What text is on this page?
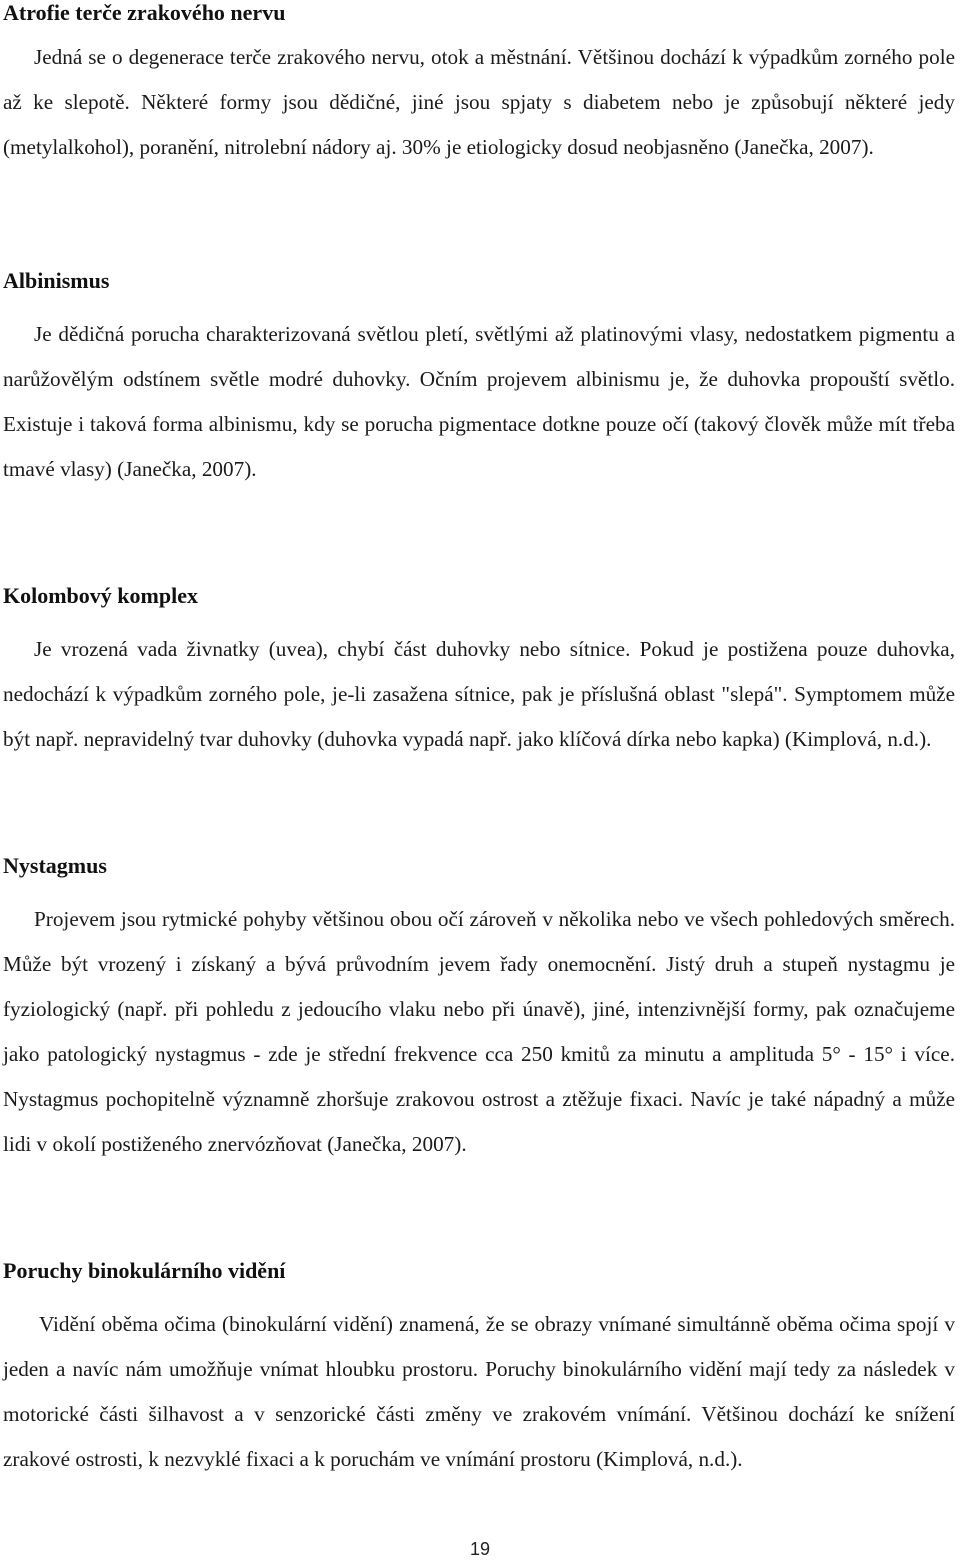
Atrofie terče zrakového nervu

Jedná se o degenerace terče zrakového nervu, otok a městnání. Většinou dochází k výpadkům zorného pole až ke slepotě. Některé formy jsou dědičné, jiné jsou spjaty s diabetem nebo je způsobují některé jedy (metylalkohol), poranění, nitrolební nádory aj. 30% je etiologicky dosud neobjasněno (Janečka, 2007).

Albinismus

Je dědičná porucha charakterizovaná světlou pletí, světlými až platinovými vlasy, nedostatkem pigmentu a narůžovělým odstínem světle modré duhovky. Očním projevem albinismu je, že duhovka propouští světlo. Existuje i taková forma albinismu, kdy se porucha pigmentace dotkne pouze očí (takový člověk může mít třeba tmavé vlasy) (Janečka, 2007).

Kolombový komplex

Je vrozená vada živnatky (uvea), chybí část duhovky nebo sítnice. Pokud je postižena pouze duhovka, nedochází k výpadkům zorného pole, je-li zasažena sítnice, pak je příslušná oblast "slepá". Symptomem může být např. nepravidelný tvar duhovky (duhovka vypadá např. jako klíčová dírka nebo kapka) (Kimplová, n.d.).

Nystagmus

Projevem jsou rytmické pohyby většinou obou očí zároveň v několika nebo ve všech pohledových směrech. Může být vrozený i získaný a bývá průvodním jevem řady onemocnění. Jistý druh a stupeň nystagmu je fyziologický (např. při pohledu z jedoucího vlaku nebo při únavě), jiné, intenzivnější formy, pak označujeme jako patologický nystagmus - zde je střední frekvence cca 250 kmitů za minutu a amplituda 5° - 15° i více. Nystagmus pochopitelně významně zhoršuje zrakovou ostrost a ztěžuje fixaci. Navíc je také nápadný a může lidi v okolí postiženého znervózňovat (Janečka, 2007).

Poruchy binokulárního vidění

Vidění oběma očima (binokulární vidění) znamená, že se obrazy vnímané simultánně oběma očima spojí v jeden a navíc nám umožňuje vnímat hloubku prostoru. Poruchy binokulárního vidění mají tedy za následek v motorické části šilhavost a v senzorické části změny ve zrakovém vnímání. Většinou dochází ke snížení zrakové ostrosti, k nezvyklé fixaci a k poruchám ve vnímání prostoru (Kimplová, n.d.).

19
